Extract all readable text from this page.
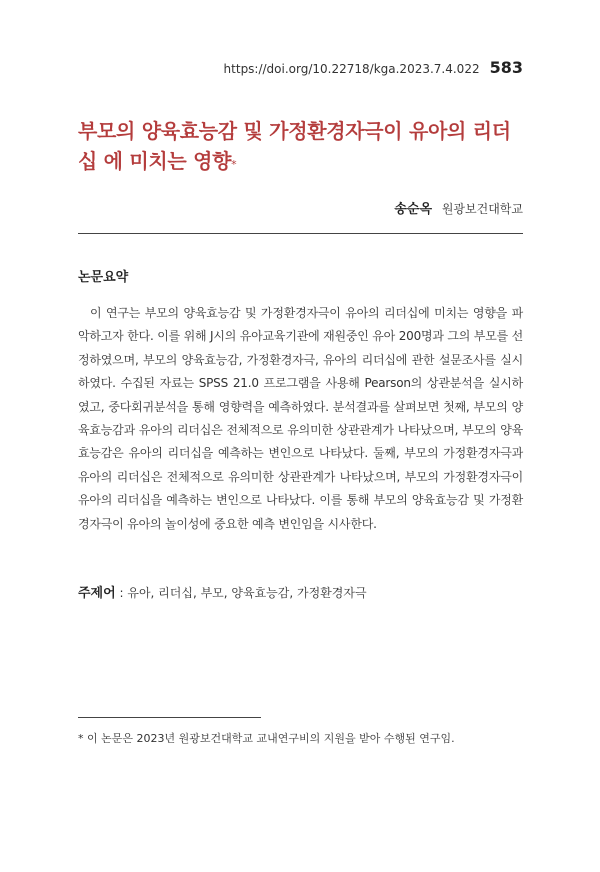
https://doi.org/10.22718/kga.2023.7.4.022 583
부모의 양육효능감 및 가정환경자극이 유아의 리더십 에 미치는 영향*
송순옥 원광보건대학교
논문요약

이 연구는 부모의 양육효능감 및 가정환경자극이 유아의 리더십에 미치는 영향을 파악하고자 한다. 이를 위해 J시의 유아교육기관에 재원중인 유아 200명과 그의 부모를 선정하였으며, 부모의 양육효능감, 가정환경자극, 유아의 리더십에 관한 설문조사를 실시하였다. 수집된 자료는 SPSS 21.0 프로그램을 사용해 Pearson의 상관분석을 실시하였고, 중다회귀분석을 통해 영향력을 예측하였다. 분석결과를 살펴보면 첫째, 부모의 양육효능감과 유아의 리더십은 전체적으로 유의미한 상관관계가 나타났으며, 부모의 양육효능감은 유아의 리더십을 예측하는 변인으로 나타났다. 둘째, 부모의 가정환경자극과 유아의 리더십은 전체적으로 유의미한 상관관계가 나타났으며, 부모의 가정환경자극이 유아의 리더십을 예측하는 변인으로 나타났다. 이를 통해 부모의 양육효능감 및 가정환경자극이 유아의 놀이성에 중요한 예측 변인임을 시사한다.

주제어 : 유아, 리더십, 부모, 양육효능감, 가정환경자극
* 이 논문은 2023년 원광보건대학교 교내연구비의 지원을 받아 수행된 연구임.
